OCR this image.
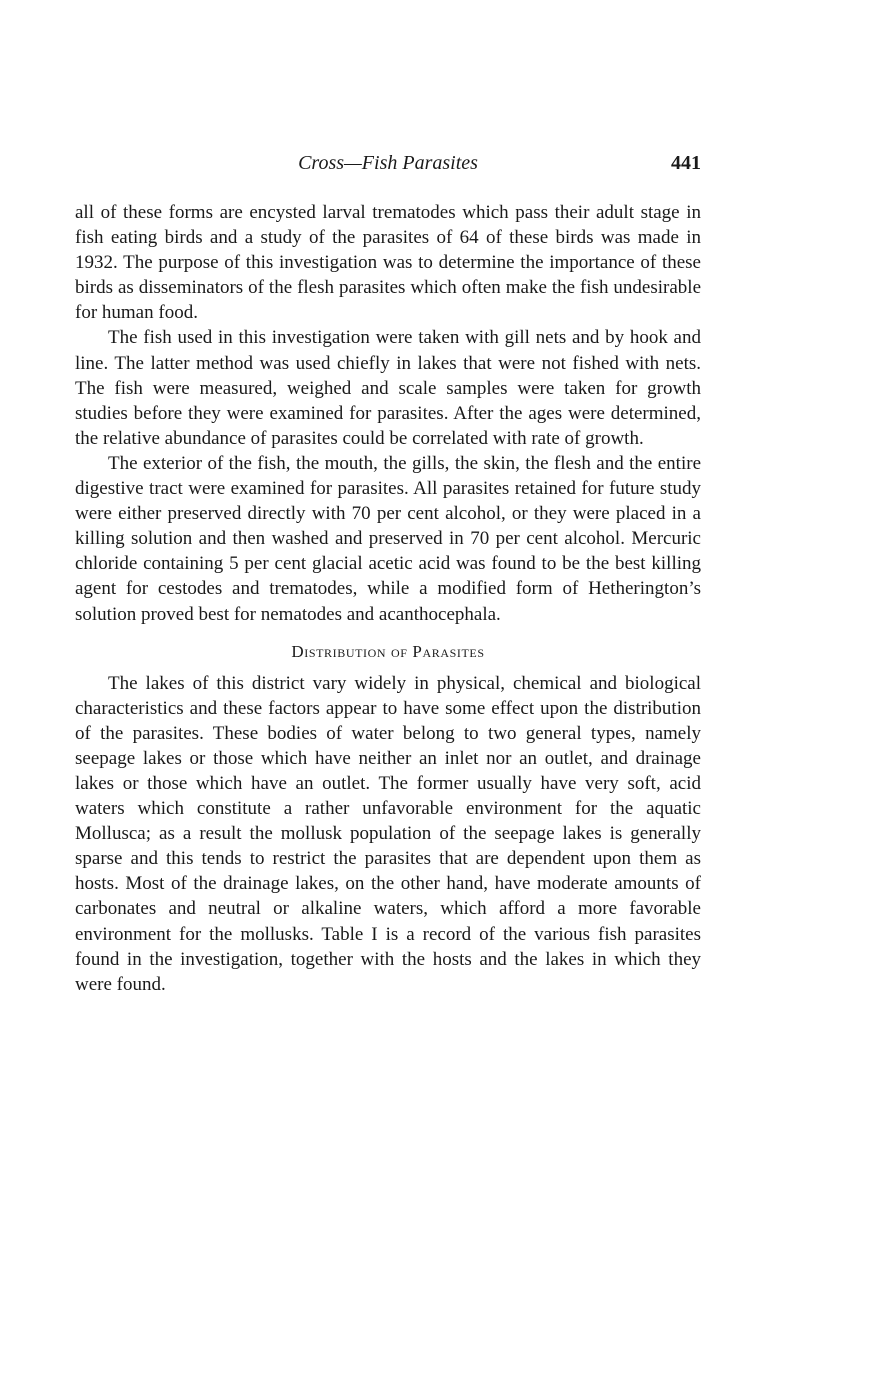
Cross—Fish Parasites	441

all of these forms are encysted larval trematodes which pass their adult stage in fish eating birds and a study of the parasites of 64 of these birds was made in 1932. The purpose of this investigation was to determine the importance of these birds as disseminators of the flesh parasites which often make the fish undesirable for human food.

The fish used in this investigation were taken with gill nets and by hook and line. The latter method was used chiefly in lakes that were not fished with nets. The fish were measured, weighed and scale samples were taken for growth studies before they were examined for parasites. After the ages were determined, the relative abundance of parasites could be correlated with rate of growth.

The exterior of the fish, the mouth, the gills, the skin, the flesh and the entire digestive tract were examined for parasites. All parasites retained for future study were either preserved directly with 70 per cent alcohol, or they were placed in a killing solution and then washed and preserved in 70 per cent alcohol. Mercuric chloride containing 5 per cent glacial acetic acid was found to be the best killing agent for cestodes and trematodes, while a modified form of Hetherington’s solution proved best for nematodes and acanthocephala.

Distribution of Parasites

The lakes of this district vary widely in physical, chemical and biological characteristics and these factors appear to have some effect upon the distribution of the parasites. These bodies of water belong to two general types, namely seepage lakes or those which have neither an inlet nor an outlet, and drainage lakes or those which have an outlet. The former usually have very soft, acid waters which constitute a rather unfavorable environment for the aquatic Mollusca; as a result the mollusk population of the seepage lakes is generally sparse and this tends to restrict the parasites that are dependent upon them as hosts. Most of the drainage lakes, on the other hand, have moderate amounts of carbonates and neutral or alkaline waters, which afford a more favorable environment for the mollusks. Table I is a record of the various fish parasites found in the investigation, together with the hosts and the lakes in which they were found.
